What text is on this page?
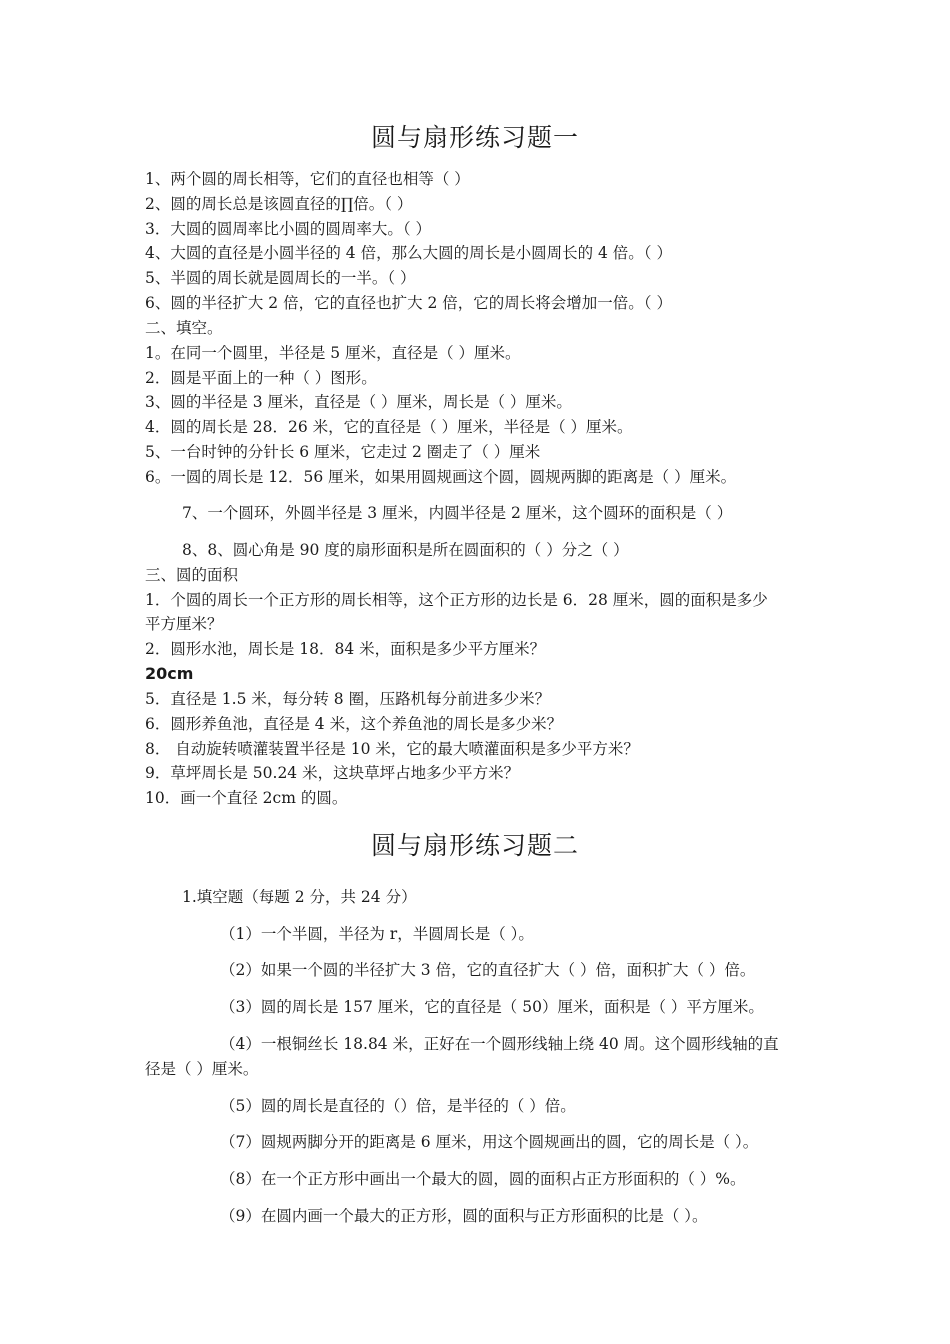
圆与扇形练习题一
1、两个圆的周长相等，它们的直径也相等（ ）
2、圆的周长总是该圆直径的∏倍。（ ）
3．大圆的圆周率比小圆的圆周率大。（ ）
4、大圆的直径是小圆半径的 4 倍，那么大圆的周长是小圆周长的 4 倍。（ ）
5、半圆的周长就是圆周长的一半。（ ）
6、圆的半径扩大 2 倍，它的直径也扩大 2 倍，它的周长将会增加一倍。（ ）
二、填空。
1。在同一个圆里，半径是 5 厘米，直径是（ ）厘米。
2．圆是平面上的一种（ ）图形。
3、圆的半径是 3 厘米，直径是（ ）厘米，周长是（ ）厘米。
4．圆的周长是 28．26 米，它的直径是（ ）厘米，半径是（ ）厘米。
5、一台时钟的分针长 6 厘米，它走过 2 圈走了（ ）厘米
6。一圆的周长是 12．56 厘米，如果用圆规画这个圆，圆规两脚的距离是（ ）厘米。
7、一个圆环，外圆半径是 3 厘米，内圆半径是 2 厘米，这个圆环的面积是（ ）
8、8、圆心角是 90 度的扇形面积是所在圆面积的（ ）分之（ ）
三、圆的面积
1．个圆的周长一个正方形的周长相等，这个正方形的边长是 6．28 厘米，圆的面积是多少
平方厘米？
2．圆形水池，周长是 18．84 米，面积是多少平方厘米？
20cm
5．直径是 1.5 米，每分转 8 圈，压路机每分前进多少米？
6．圆形养鱼池，直径是 4 米，这个养鱼池的周长是多少米？
8． 自动旋转喷灌装置半径是 10 米，它的最大喷灌面积是多少平方米？
9．草坪周长是 50.24 米，这块草坪占地多少平方米？
10．画一个直径 2cm 的圆。
圆与扇形练习题二
1.填空题（每题 2 分，共 24 分）
（1）一个半圆，半径为 r，半圆周长是（ ）。
（2）如果一个圆的半径扩大 3 倍，它的直径扩大（ ）倍，面积扩大（ ）倍。
（3）圆的周长是 157 厘米，它的直径是（ 50）厘米，面积是（ ）平方厘米。
（4）一根铜丝长 18.84 米，正好在一个圆形线轴上绕 40 周。这个圆形线轴的直
径是（ ）厘米。
（5）圆的周长是直径的（）倍，是半径的（ ）倍。
（7）圆规两脚分开的距离是 6 厘米，用这个圆规画出的圆，它的周长是（ ）。
（8）在一个正方形中画出一个最大的圆，圆的面积占正方形面积的（ ）%。
（9）在圆内画一个最大的正方形，圆的面积与正方形面积的比是（ ）。
